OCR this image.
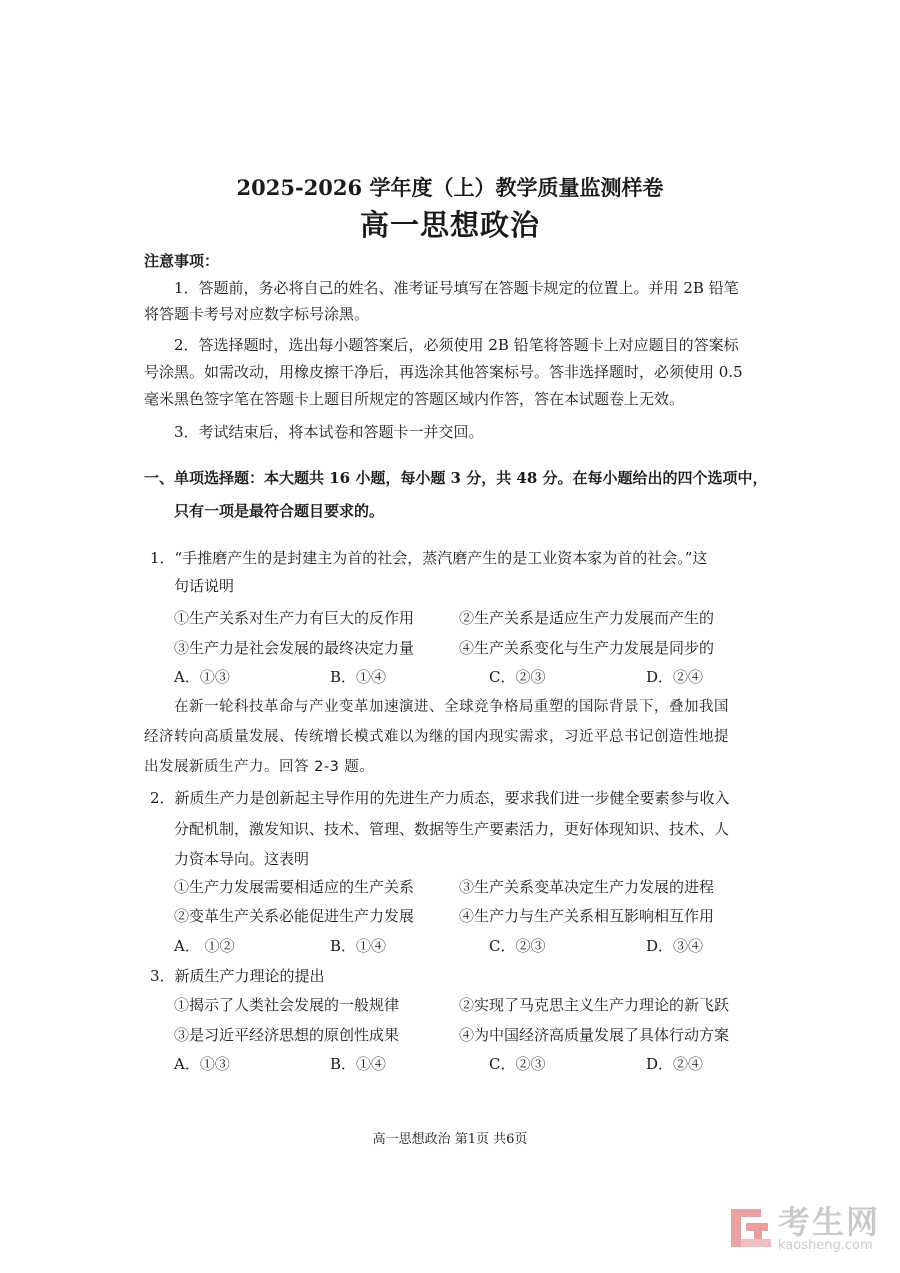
2025-2026 学年度（上）教学质量监测样卷
高一思想政治
注意事项：
1．答题前，务必将自己的姓名、准考证号填写在答题卡规定的位置上。并用 2B 铅笔
将答题卡考号对应数字标号涂黑。
2．答选择题时，选出每小题答案后，必须使用 2B 铅笔将答题卡上对应题目的答案标
号涂黑。如需改动，用橡皮擦干净后，再选涂其他答案标号。答非选择题时，必须使用 0.5
毫米黑色签字笔在答题卡上题目所规定的答题区域内作答，答在本试题卷上无效。
3．考试结束后，将本试卷和答题卡一并交回。
一、单项选择题：本大题共 16 小题，每小题 3 分，共 48 分。在每小题给出的四个选项中，
只有一项是最符合题目要求的。
1．“手推磨产生的是封建主为首的社会，蒸汽磨产生的是工业资本家为首的社会。”这
句话说明
①生产关系对生产力有巨大的反作用	②生产关系是适应生产力发展而产生的
③生产力是社会发展的最终决定力量	④生产关系变化与生产力发展是同步的
A．①③	B．①④	C．②③	D．②④
在新一轮科技革命与产业变革加速演进、全球竞争格局重塑的国际背景下，叠加我国
经济转向高质量发展、传统增长模式难以为继的国内现实需求，习近平总书记创造性地提
出发展新质生产力。回答 2-3 题。
2．新质生产力是创新起主导作用的先进生产力质态，要求我们进一步健全要素参与收入
分配机制，激发知识、技术、管理、数据等生产要素活力，更好体现知识、技术、人
力资本导向。这表明
①生产力发展需要相适应的生产关系	③生产关系变革决定生产力发展的进程
②变革生产关系必能促进生产力发展	④生产力与生产关系相互影响相互作用
A． ①②	B．①④	C．②③	D．③④
3．新质生产力理论的提出
①揭示了人类社会发展的一般规律	②实现了马克思主义生产力理论的新飞跃
③是习近平经济思想的原创性成果	④为中国经济高质量发展了具体行动方案
A．①③	B．①④	C．②③	D．②④
高一思想政治 第1页 共6页
考生网
kaosheng.com
